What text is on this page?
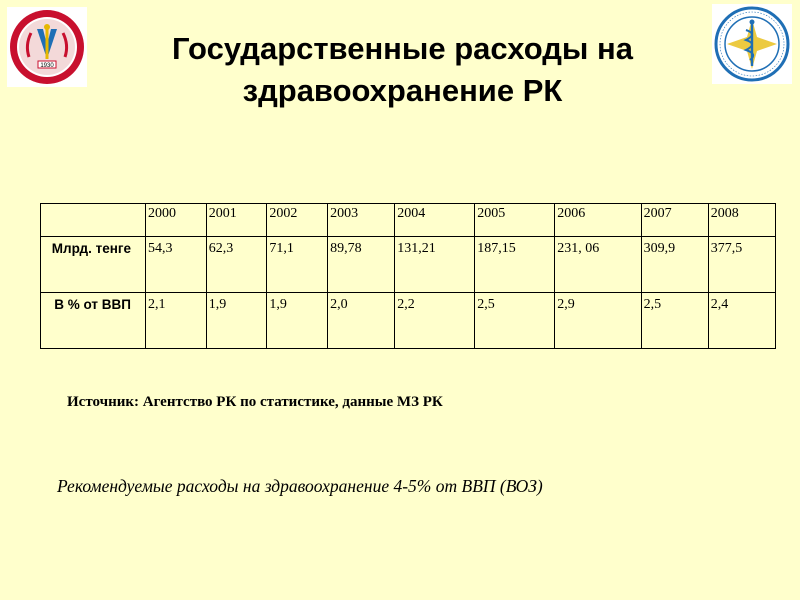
1930	Государственные расходы на здравоохранение РК
	2000	2001	2002	2003	2004	2005	2006	2007	2008
Млрд. тенге	54,3	62,3	71,1	89,78	131,21	187,15	231, 06	309,9	377,5
В % от ВВП	2,1	1,9	1,9	2,0	2,2	2,5	2,9	2,5	2,4
Источник: Агентство РК по статистике, данные МЗ РК
Рекомендуемые расходы на здравоохранение 4-5% от ВВП (ВОЗ)
